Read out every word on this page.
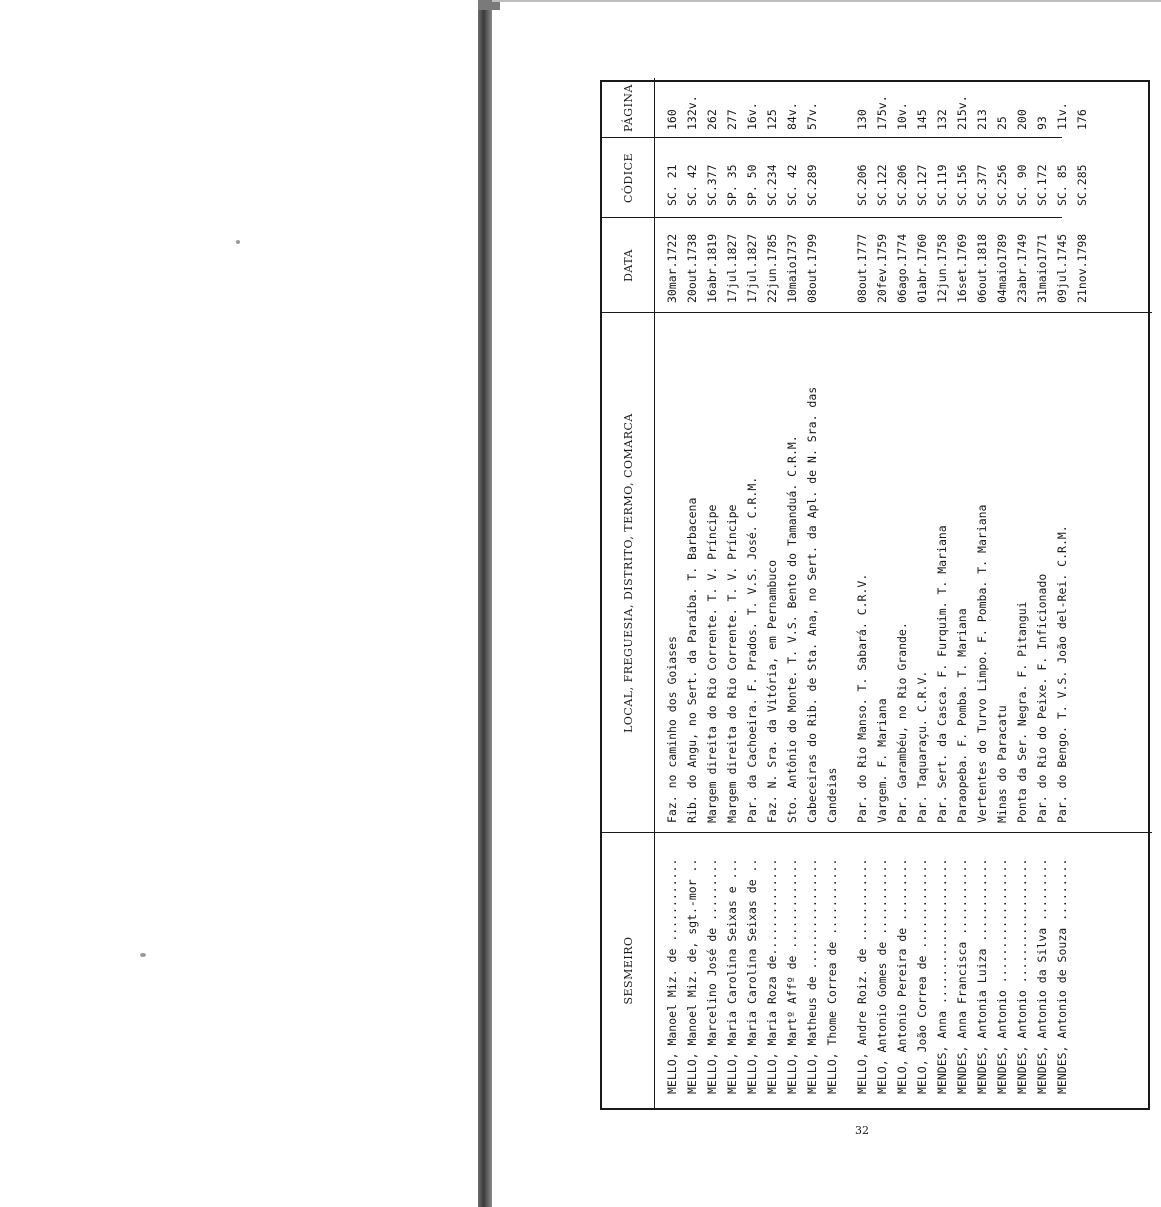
SESMEIRO
LOCAL, FREGUESIA, DISTRITO, TERMO, COMARCA
DATA
CÓDICE
PÁGINA
MELLO, Manoel Miz. de ............
Faz. no caminho dos Goiases
30mar.1722
SC. 21
160
MELLO, Manoel Miz. de, sgt.-mor ..
Rib. do Angu, no Sert. da Paraíba. T. Barbacena
20out.1738
SC. 42
132v.
MELLO, Marcelino José de .........
Margem direita do Rio Corrente. T. V. Príncipe
16abr.1819
SC.377
262
MELLO, Maria Carolina Seixas e ...
Margem direita do Rio Corrente. T. V. Príncipe
17jul.1827
SP. 35
277
MELLO, Maria Carolina Seixas de ..
Par. da Cachoeira. F. Prados. T. V.S. José. C.R.M.
17jul.1827
SP. 50
16v.
MELLO, Maria Roza de..............
Faz. N. Sra. da Vitória, em Pernambuco
22jun.1785
SC.234
125
MELLO, Martº Affº de .............
Sto. Antônio do Monte. T. V.S. Bento do Tamanduá. C.R.M.
10maio1737
SC. 42
84v.
MELLO, Matheus de ................
Cabeceiras do Rib. de Sta. Ana, no Sert. da Apl. de N. Sra. das
08out.1799
SC.289
57v.
MELLO, Thome Correa de ...........
Candeias
MELLO, Andre Roiz. de ............
Par. do Rio Manso. T. Sabará. C.R.V.
08out.1777
SC.206
130
MELO, Antonio Gomes de ...........
Vargem. F. Mariana
20fev.1759
SC.122
175v.
MELO, Antonio Pereira de .........
Par. Garambéu, no Rio Grande.
06ago.1774
SC.206
10v.
MELO, João Correa de .............
Par. Taquaraçu. C.R.V.
01abr.1760
SC.127
145
MENDES, Anna .....................
Par. Sert. da Casca. F. Furquim. T. Mariana
12jun.1758
SC.119
132
MENDES, Anna Francisca ...........
Paraopeba. F. Pomba. T. Mariana
16set.1769
SC.156
215v.
MENDES, Antonia Luiza ............
Vertentes do Turvo Limpo. F. Pomba. T. Mariana
06out.1818
SC.377
213
MENDES, Antonio ..................
Minas do Paracatu
04maio1789
SC.256
25
MENDES, Antonio ..................
Ponta da Ser. Negra. F. Pitangui
23abr.1749
SC. 90
200
MENDES, Antonio da Silva .........
Par. do Rio do Peixe. F. Inficionado
31maio1771
SC.172
93
MENDES, Antonio de Souza .........
Par. do Bengo. T. V.S. João del-Rei. C.R.M.
09jul.1745
SC. 85
11v.
21nov.1798
SC.285
176
32
